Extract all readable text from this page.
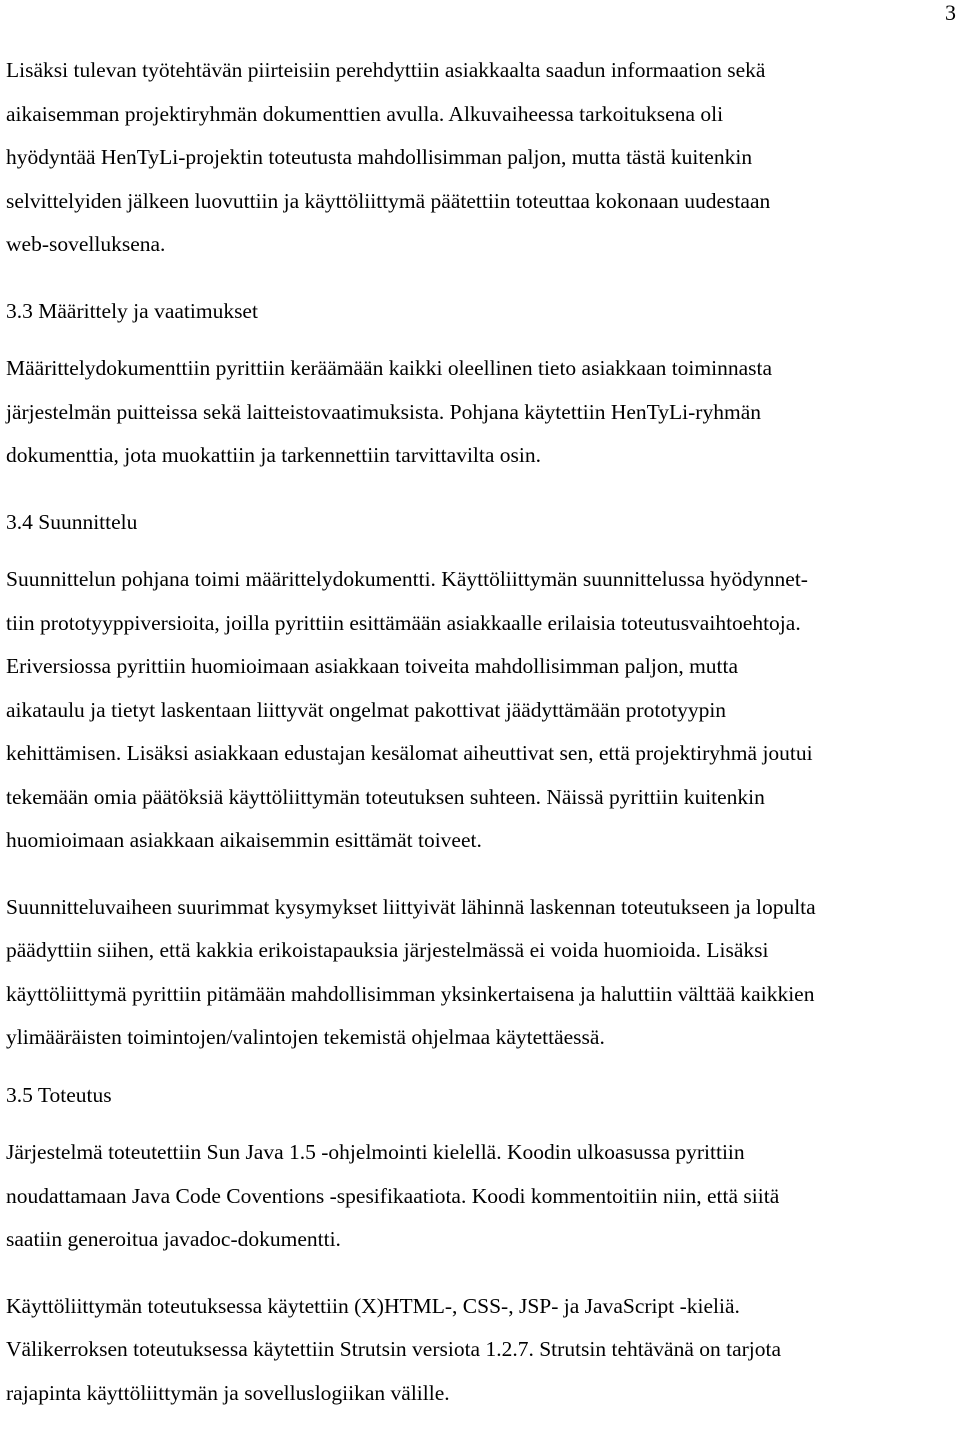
3

Lisäksi tulevan työtehtävän piirteisiin perehdyttiin asiakkaalta saadun informaation sekä
aikaisemman projektiryhmän dokumenttien avulla. Alkuvaiheessa tarkoituksena oli
hyödyntää HenTyLi-projektin toteutusta mahdollisimman paljon, mutta tästä kuitenkin
selvittelyiden jälkeen luovuttiin ja käyttöliittymä päätettiin toteuttaa kokonaan uudestaan
web-sovelluksena.

3.3 Määrittely ja vaatimukset

Määrittelydokumenttiin pyrittiin keräämään kaikki oleellinen tieto asiakkaan toiminnasta
järjestelmän puitteissa sekä laitteistovaatimuksista. Pohjana käytettiin HenTyLi-ryhmän
dokumenttia, jota muokattiin ja tarkennettiin tarvittavilta osin.

3.4 Suunnittelu

Suunnittelun pohjana toimi määrittelydokumentti. Käyttöliittymän suunnittelussa hyödynnet-
tiin prototyyppiversioita, joilla pyrittiin esittämään asiakkaalle erilaisia toteutusvaihtoehtoja.
Eriversiossa pyrittiin huomioimaan asiakkaan toiveita mahdollisimman paljon, mutta
aikataulu ja tietyt laskentaan liittyvät ongelmat pakottivat jäädyttämään prototyypin
kehittämisen. Lisäksi asiakkaan edustajan kesälomat aiheuttivat sen, että projektiryhmä joutui
tekemään omia päätöksiä käyttöliittymän toteutuksen suhteen. Näissä pyrittiin kuitenkin
huomioimaan asiakkaan aikaisemmin esittämät toiveet.

Suunnitteluvaiheen suurimmat kysymykset liittyivät lähinnä laskennan toteutukseen ja lopulta
päädyttiin siihen, että kakkia erikoistapauksia järjestelmässä ei voida huomioida. Lisäksi
käyttöliittymä pyrittiin pitämään mahdollisimman yksinkertaisena ja haluttiin välttää kaikkien
ylimääräisten toimintojen/valintojen tekemistä ohjelmaa käytettäessä.

3.5 Toteutus

Järjestelmä toteutettiin Sun Java 1.5 -ohjelmointi kielellä. Koodin ulkoasussa pyrittiin
noudattamaan Java Code Coventions -spesifikaatiota. Koodi kommentoitiin niin, että siitä
saatiin generoitua javadoc-dokumentti.

Käyttöliittymän toteutuksessa käytettiin (X)HTML-, CSS-, JSP- ja JavaScript -kieliä.
Välikerroksen toteutuksessa käytettiin Strutsin versiota 1.2.7. Strutsin tehtävänä on tarjota
rajapinta käyttöliittymän ja sovelluslogiikan välille.
